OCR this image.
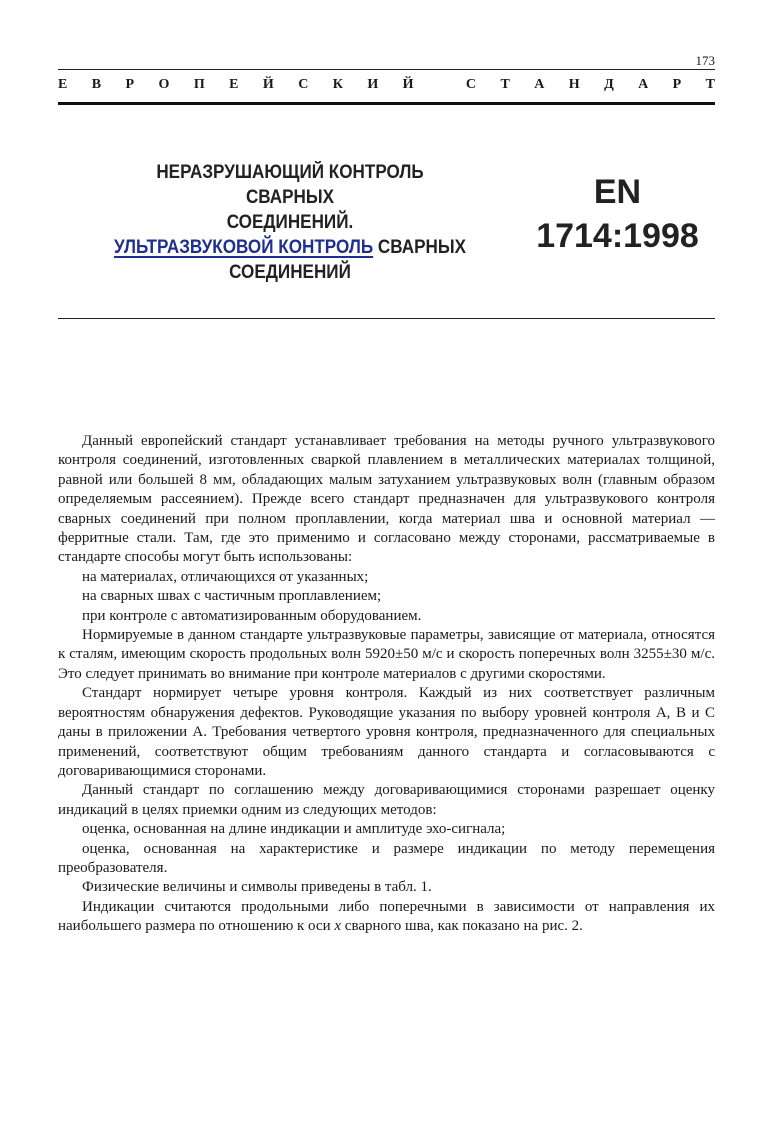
173
Е В Р О П Е Й С К И Й
	С Т А Н Д А Р Т
НЕРАЗРУШАЮЩИЙ КОНТРОЛЬ СВАРНЫХ
СОЕДИНЕНИЙ.
УЛЬТРАЗВУКОВОЙ КОНТРОЛЬ СВАРНЫХ
СОЕДИНЕНИЙ
EN
1714:1998

Данный европейский стандарт устанавливает требования на методы ручного ультразвукового контроля соединений, изготовленных сваркой плавлением в металлических материалах толщиной, равной или большей 8 мм, обладающих малым затуханием ультразвуковых волн (главным образом определяемым рассеянием). Прежде всего стандарт предназначен для ультразвукового контроля сварных соединений при полном проплавлении, когда материал шва и основной материал — ферритные стали. Там, где это применимо и согласовано между сторонами, рассматриваемые в стандарте способы могут быть использованы:

на материалах, отличающихся от указанных;

на сварных швах с частичным проплавлением;

при контроле с автоматизированным оборудованием.

Нормируемые в данном стандарте ультразвуковые параметры, зависящие от материала, относятся к сталям, имеющим скорость продольных волн 5920±50 м/с и скорость поперечных волн 3255±30 м/с. Это следует принимать во внимание при контроле материалов с другими скоростями.

Стандарт нормирует четыре уровня контроля. Каждый из них соответствует различным вероятностям обнаружения дефектов. Руководящие указания по выбору уровней контроля A, B и C даны в приложении A. Требования четвертого уровня контроля, предназначенного для специальных применений, соответствуют общим требованиям данного стандарта и согласовываются с договаривающимися сторонами.

Данный стандарт по соглашению между договаривающимися сторонами разрешает оценку индикаций в целях приемки одним из следующих методов:

оценка, основанная на длине индикации и амплитуде эхо-сигнала;

оценка, основанная на характеристике и размере индикации по методу перемещения преобразователя.

Физические величины и символы приведены в табл. 1.

Индикации считаются продольными либо поперечными в зависимости от направления их наибольшего размера по отношению к оси x сварного шва, как показано на рис. 2.
